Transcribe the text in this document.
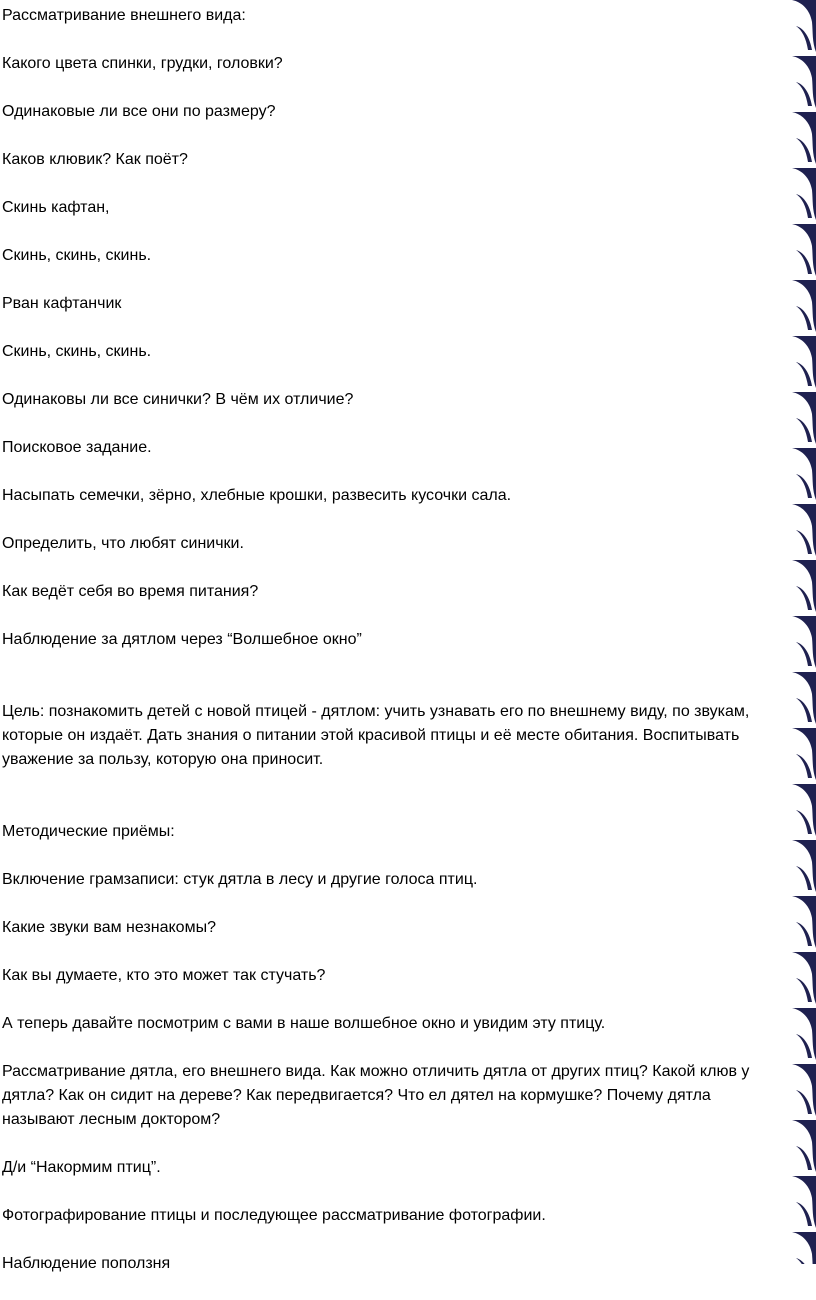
Рассматривание внешнего вида:

Какого цвета спинки, грудки, головки?

Одинаковые ли все они по размеру?

Каков клювик? Как поёт?

Скинь кафтан,

Скинь, скинь, скинь.

Рван кафтанчик

Скинь, скинь, скинь.

Одинаковы ли все синички? В чём их отличие?

Поисковое задание.

Насыпать семечки, зёрно, хлебные крошки, развесить кусочки сала.

Определить, что любят синички.

Как ведёт себя во время питания?

Наблюдение за дятлом через “Волшебное окно”

Цель: познакомить детей с новой птицей - дятлом: учить узнавать его по внешнему виду, по звукам, которые он издаёт. Дать знания о питании этой красивой птицы и её месте обитания. Воспитывать уважение за пользу, которую она приносит.

Методические приёмы:

Включение грамзаписи: стук дятла в лесу и другие голоса птиц.

Какие звуки вам незнакомы?

Как вы думаете, кто это может так стучать?

А теперь давайте посмотрим с вами в наше волшебное окно и увидим эту птицу.

Рассматривание дятла, его внешнего вида. Как можно отличить дятла от других птиц? Какой клюв у дятла? Как он сидит на дереве? Как передвигается? Что ел дятел на кормушке? Почему дятла называют лесным доктором?

Д/и “Накормим птиц”.

Фотографирование птицы и последующее рассматривание фотографии.

Наблюдение поползня
